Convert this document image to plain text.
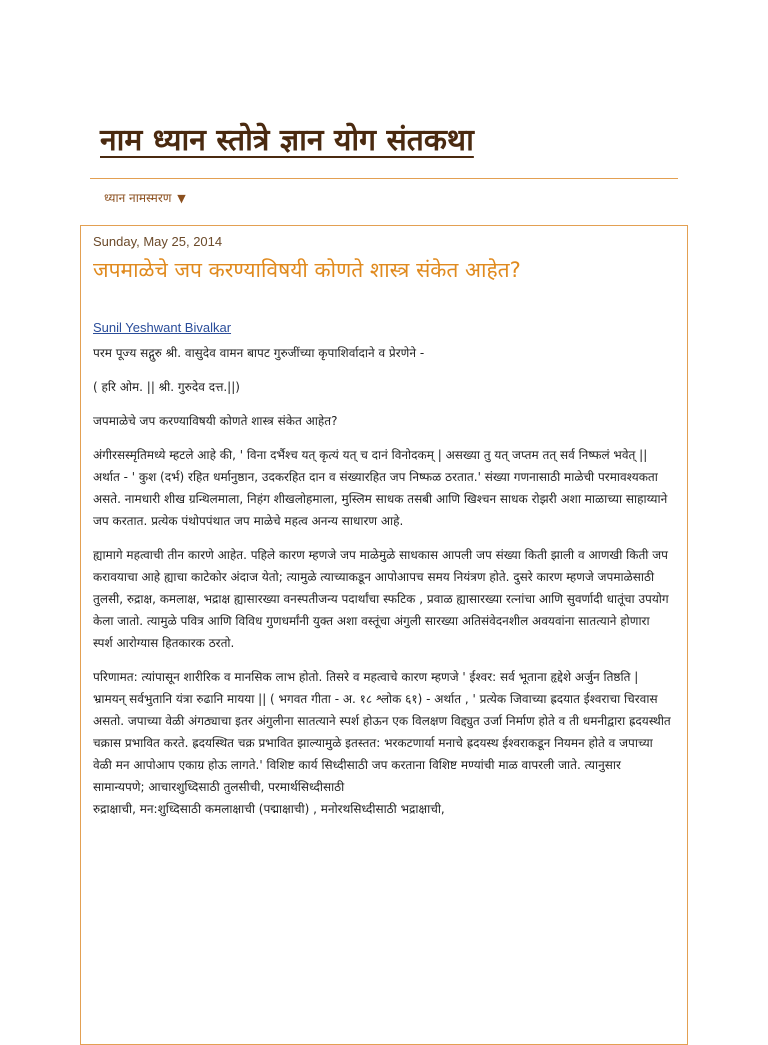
नाम ध्यान स्तोत्रे ज्ञान योग संतकथा
ध्यान नामस्मरण ▼
Sunday, May 25, 2014
जपमाळेचे जप करण्याविषयी कोणते शास्त्र संकेत आहेत?
Sunil Yeshwant Bivalkar

परम पूज्य सद्गुरु श्री. वासुदेव वामन बापट गुरुजींच्या कृपाशिर्वादाने व प्रेरणेने -

( हरि ओम. || श्री. गुरुदेव दत्त.||)

जपमाळेचे जप करण्याविषयी कोणते शास्त्र संकेत आहेत?

अंगीरसस्मृतिमध्ये म्हटले आहे की, ' विना दर्भैश्च यत् कृत्यं यत् च दानं विनोदकम् | असख्या तु यत् जप्तम तत् सर्व निष्फलं भवेत् || अर्थात - ' कुश (दर्भ) रहित धर्मानुष्ठान, उदकरहित दान व संख्यारहित जप निष्फळ ठरतात.' संख्या गणनासाठी माळेची परमावश्यकता असते. नामधारी शीख ग्रन्थिलमाला, निहंग शीखलोहमाला, मुस्लिम साधक तसबी आणि खिश्चन साधक रोझरी अशा माळाच्या साहाय्याने जप करतात. प्रत्येक पंथोपपंथात जप माळेचे महत्व अनन्य साधारण आहे.

ह्यामागे महत्वाची तीन कारणे आहेत. पहिले कारण म्हणजे जप माळेमुळे साधकास आपली जप संख्या किती झाली व आणखी किती जप करावयाचा आहे ह्याचा काटेकोर अंदाज येतो; त्यामुळे त्याच्याकडून आपोआपच समय नियंत्रण होते. दुसरे कारण म्हणजे जपमाळेसाठी तुलसी, रुद्राक्ष, कमलाक्ष, भद्राक्ष ह्यासारख्या वनस्पतीजन्य पदार्थांचा स्फटिक , प्रवाळ ह्यासारख्या रत्नांचा आणि सुवर्णादी धातूंचा उपयोग केला जातो. त्यामुळे पवित्र आणि विविध गुणधर्मांनी युक्त अशा वस्तूंचा अंगुली सारख्या अतिसंवेदनशील अवयवांना सातत्याने होणारा स्पर्श आरोग्यास हितकारक ठरतो.

परिणामत: त्यांपासून शारीरिक व मानसिक लाभ होतो. तिसरे व महत्वाचे कारण म्हणजे ' ईश्वर: सर्व भूताना हृद्देशे अर्जुन तिष्ठति | भ्रामयन् सर्वभुतानि यंत्रा रुढानि मायया || ( भगवत गीता - अ. १८ श्लोक ६१) - अर्थात , ' प्रत्येक जिवाच्या ह्रदयात ईश्वराचा चिरवास असतो. जपाच्या वेळी अंगठ्याचा इतर अंगुलीना सातत्याने स्पर्श होऊन एक विलक्षण विद्द्युत उर्जा निर्माण होते व ती धमनीद्वारा ह्रदयस्थीत चक्रास प्रभावित करते. ह्रदयस्थित चक्र प्रभावित झाल्यामुळे इतस्तत: भरकटणार्या मनाचे ह्रदयस्थ ईश्वराकडून नियमन होते व जपाच्या वेळी मन आपोआप एकाग्र होऊ लागते.' विशिष्ट कार्य सिध्दीसाठी जप करताना विशिष्ट मण्यांची माळ वापरली जाते. त्यानुसार सामान्यपणे; आचारशुध्दिसाठी तुलसीची, परमार्थसिध्दीसाठी

रुद्राक्षाची, मन:शुध्दिसाठी कमलाक्षाची (पद्माक्षाची) , मनोरथसिध्दीसाठी भद्राक्षाची,
